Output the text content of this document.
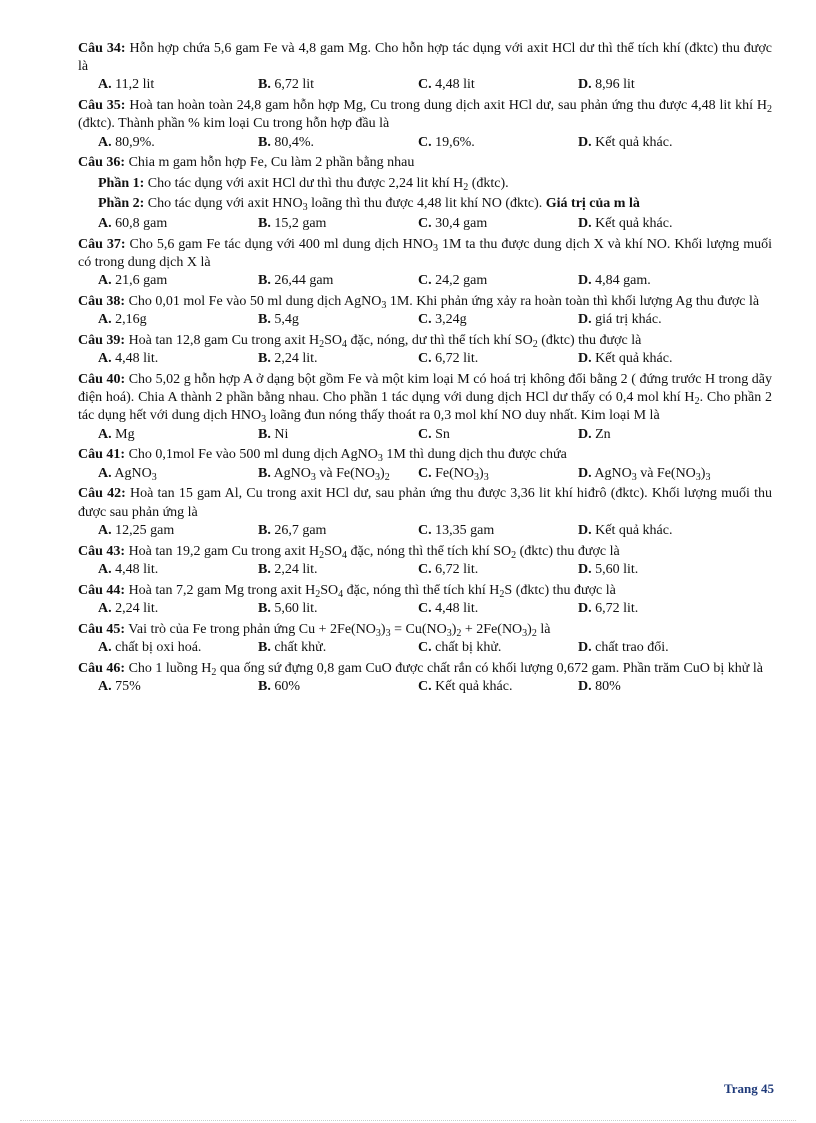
Câu 34: Hỗn hợp chứa 5,6 gam Fe và 4,8 gam Mg. Cho hỗn hợp tác dụng với axit HCl dư thì thể tích khí (đktc) thu được là
A. 11,2 lit	B. 6,72 lit	C. 4,48 lit	D. 8,96 lit
Câu 35: Hoà tan hoàn toàn 24,8 gam hỗn hợp Mg, Cu trong dung dịch axit HCl dư, sau phản ứng thu được 4,48 lit khí $H_2$ (đktc). Thành phần % kim loại Cu trong hỗn hợp đầu là
A. 80,9%.	B. 80,4%.	C. 19,6%.	D. Kết quả khác.
Câu 36: Chia m gam hỗn hợp Fe, Cu làm 2 phần bằng nhau
Phần 1: Cho tác dụng với axit HCl dư thì thu được 2,24 lit khí $H_2$ (đktc).
Phần 2: Cho tác dụng với axit $HNO_3$ loãng thì thu được 4,48 lit khí NO (đktc). Giá trị của m là
A. 60,8 gam	B. 15,2 gam	C. 30,4 gam	D. Kết quả khác.
Câu 37: Cho 5,6 gam Fe tác dụng với 400 ml dung dịch $HNO_3$ 1M ta thu được dung dịch X và khí NO. Khối lượng muối có trong dung dịch X là
A. 21,6 gam	B. 26,44 gam	C. 24,2 gam	D. 4,84 gam.
Câu 38: Cho 0,01 mol Fe vào 50 ml dung dịch AgNO$_3$ 1M. Khi phản ứng xảy ra hoàn toàn thì khối lượng Ag thu được là
A. 2,16g	B. 5,4g	C. 3,24g	D. giá trị khác.
Câu 39: Hoà tan 12,8 gam Cu trong axit $H_2SO_4$ đặc, nóng, dư thì thể tích khí $SO_2$ (đktc) thu được là
A. 4,48 lit.	B. 2,24 lit.	C. 6,72 lit.	D. Kết quả khác.
Câu 40: Cho 5,02 g hỗn hợp A ở dạng bột gồm Fe và một kim loại M có hoá trị không đổi bằng 2 ( đứng trước H trong dãy điện hoá). Chia A thành 2 phần bằng nhau. Cho phần 1 tác dụng với dung dịch HCl dư thấy có 0,4 mol khí $H_2$. Cho phần 2 tác dụng hết với dung dịch $HNO_3$ loãng đun nóng thấy thoát ra 0,3 mol khí NO duy nhất. Kim loại M là
A. Mg	B. Ni	C. Sn	D. Zn
Câu 41: Cho 0,1mol Fe vào 500 ml dung dịch AgNO$_3$ 1M thì dung dịch thu được chứa
A. AgNO$_3$	B. AgNO$_3$ và $Fe(NO_3)_2$	C. $Fe(NO_3)_3$	D. AgNO$_3$ và $Fe(NO_3)_3$
Câu 42: Hoà tan 15 gam Al, Cu trong axit HCl dư, sau phản ứng thu được 3,36 lit khí hiđrô (đktc). Khối lượng muối thu được sau phản ứng là
A. 12,25 gam	B. 26,7 gam	C. 13,35 gam	D. Kết quả khác.
Câu 43: Hoà tan 19,2 gam Cu trong axit $H_2SO_4$ đặc, nóng thì thể tích khí $SO_2$ (đktc) thu được là
A. 4,48 lit.	B. 2,24 lit.	C. 6,72 lit.	D. 5,60 lit.
Câu 44: Hoà tan 7,2 gam Mg trong axit $H_2SO_4$ đặc, nóng thì thể tích khí $H_2S$ (đktc) thu được là
A. 2,24 lit.	B. 5,60 lit.	C. 4,48 lit.	D. 6,72 lit.
Câu 45: Vai trò của Fe trong phản ứng $Cu + 2Fe(NO_3)_3 = Cu(NO_3)_2 + 2Fe(NO_3)_2$ là
A. chất bị oxi hoá.	B. chất khử.	C. chất bị khử.	D. chất trao đổi.
Câu 46: Cho 1 luồng $H_2$ qua ống sứ đựng 0,8 gam CuO được chất rắn có khối lượng 0,672 gam. Phần trăm CuO bị khử là
A. 75%	B. 60%	C. Kết quả khác.	D. 80%
Trang 45
